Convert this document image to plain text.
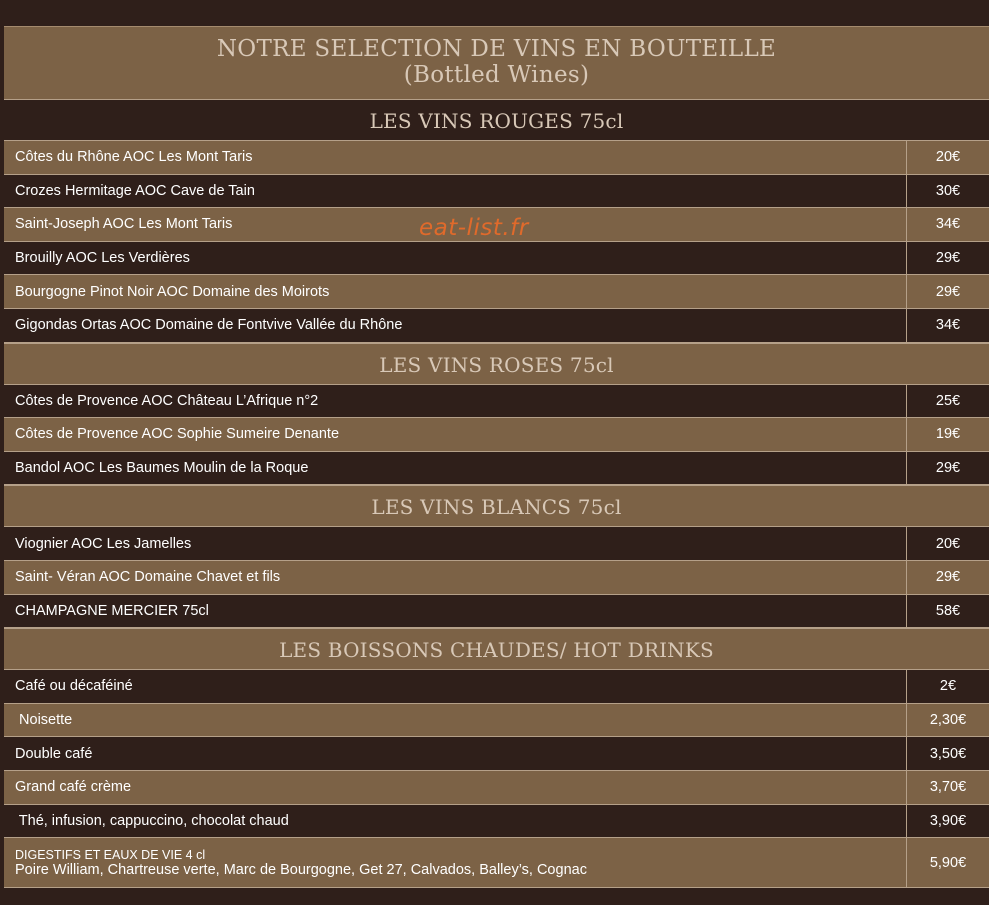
NOTRE SELECTION DE VINS EN BOUTEILLE
(Bottled Wines)
LES VINS ROUGES 75cl
Côtes du Rhône AOC Les Mont Taris	20€
Crozes Hermitage AOC Cave de Tain	30€
Saint-Joseph AOC Les Mont Taris	34€
Brouilly AOC Les Verdières	29€
Bourgogne Pinot Noir AOC Domaine des Moirots	29€
Gigondas Ortas AOC Domaine de Fontvive Vallée du Rhône	34€
LES VINS ROSES 75cl
Côtes de Provence AOC Château L’Afrique n°2	25€
Côtes de Provence AOC Sophie Sumeire Denante	19€
Bandol AOC Les Baumes Moulin de la Roque	29€
LES VINS BLANCS 75cl
Viognier AOC Les Jamelles	20€
Saint- Véran AOC Domaine Chavet et fils	29€
CHAMPAGNE MERCIER 75cl	58€
LES BOISSONS CHAUDES/ HOT DRINKS
Café ou décaféiné	2€
Noisette	2,30€
Double café	3,50€
Grand café crème	3,70€
Thé, infusion, cappuccino, chocolat chaud	3,90€
DIGESTIFS ET EAUX DE VIE 4 cl
Poire William, Chartreuse verte, Marc de Bourgogne, Get 27, Calvados, Balley’s, Cognac	5,90€
eat-list.fr
